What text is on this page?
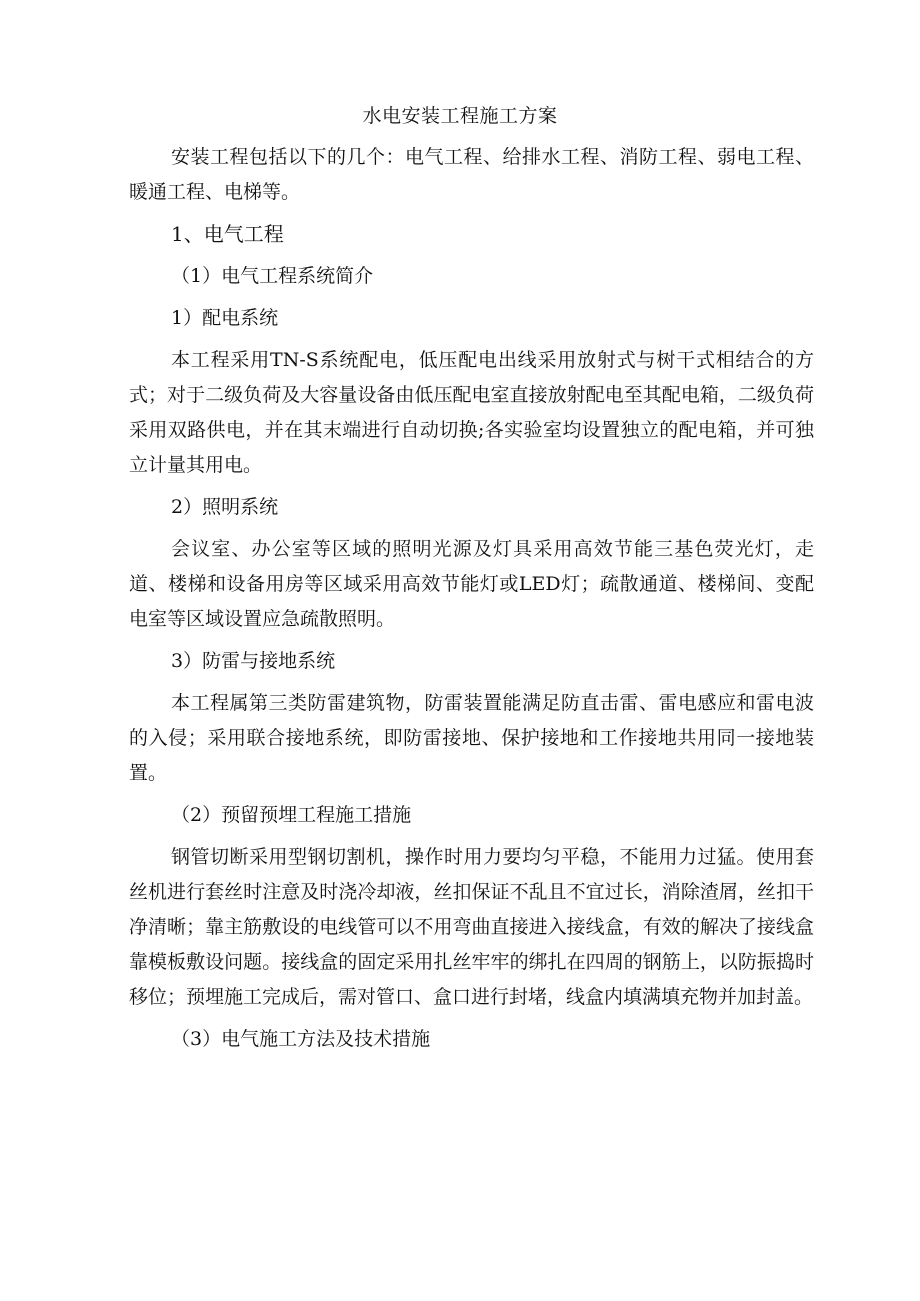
水电安装工程施工方案

安装工程包括以下的几个：电气工程、给排水工程、消防工程、弱电工程、暖通工程、电梯等。

1、电气工程

（1）电气工程系统简介

1）配电系统

本工程采用TN-S系统配电，低压配电出线采用放射式与树干式相结合的方式；对于二级负荷及大容量设备由低压配电室直接放射配电至其配电箱，二级负荷采用双路供电，并在其末端进行自动切换;各实验室均设置独立的配电箱，并可独立计量其用电。

2）照明系统

会议室、办公室等区域的照明光源及灯具采用高效节能三基色荧光灯，走道、楼梯和设备用房等区域采用高效节能灯或LED灯；疏散通道、楼梯间、变配电室等区域设置应急疏散照明。

3）防雷与接地系统

本工程属第三类防雷建筑物，防雷装置能满足防直击雷、雷电感应和雷电波的入侵；采用联合接地系统，即防雷接地、保护接地和工作接地共用同一接地装置。

（2）预留预埋工程施工措施

钢管切断采用型钢切割机，操作时用力要均匀平稳，不能用力过猛。使用套丝机进行套丝时注意及时浇冷却液，丝扣保证不乱且不宜过长，消除渣屑，丝扣干净清晰；靠主筋敷设的电线管可以不用弯曲直接进入接线盒，有效的解决了接线盒靠模板敷设问题。接线盒的固定采用扎丝牢牢的绑扎在四周的钢筋上，以防振捣时移位；预埋施工完成后，需对管口、盒口进行封堵，线盒内填满填充物并加封盖。

（3）电气施工方法及技术措施
